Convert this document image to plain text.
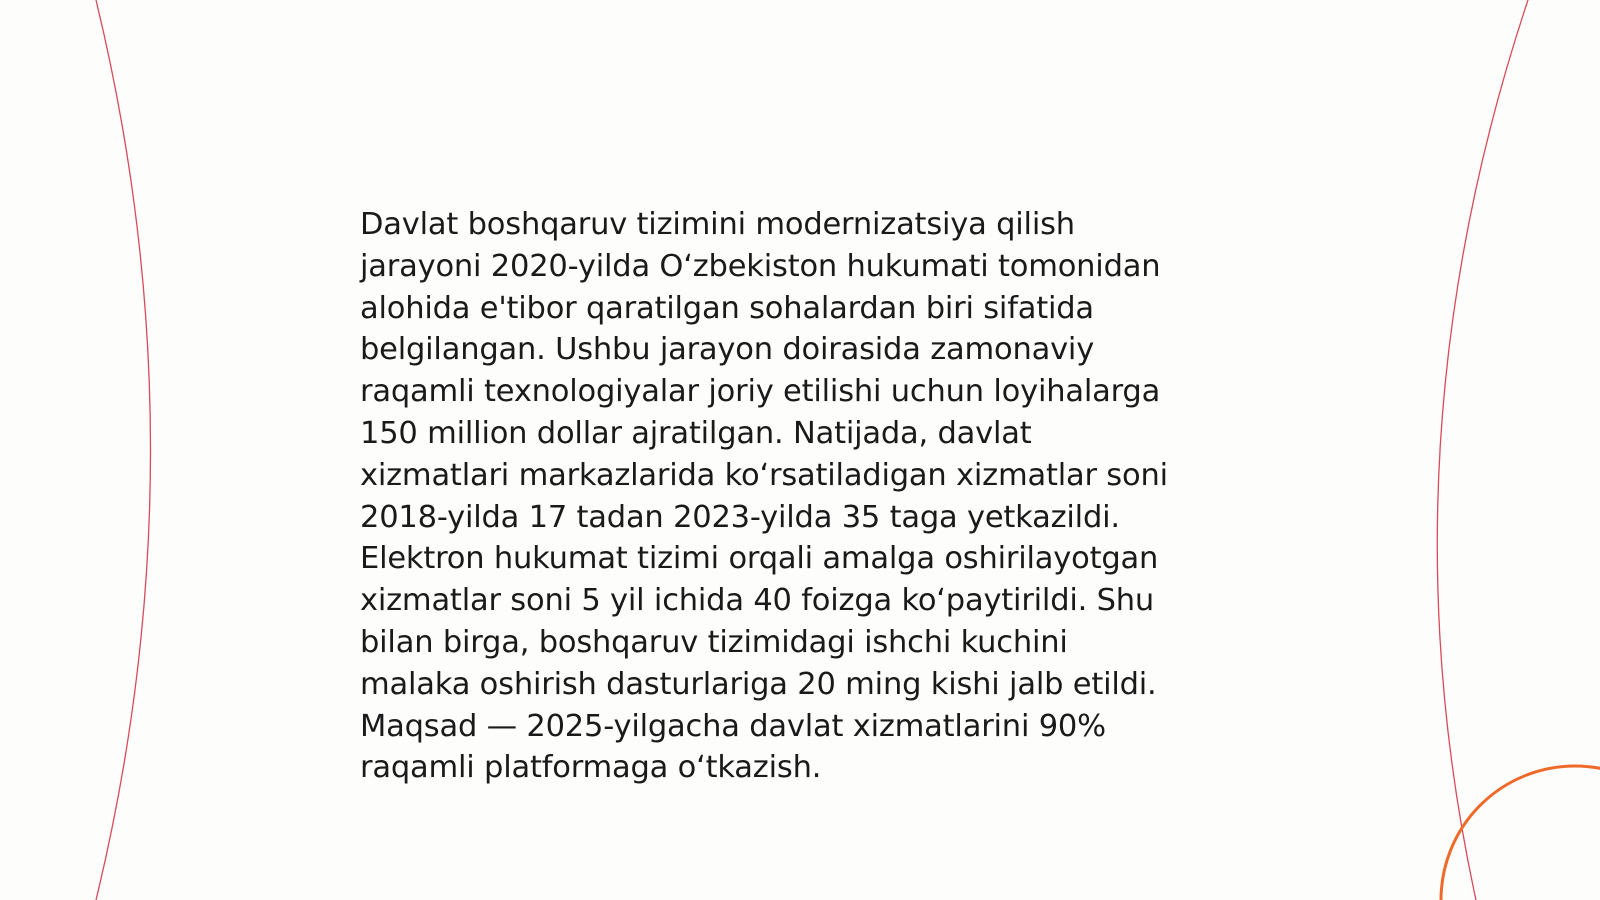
Davlat boshqaruv tizimini modernizatsiya qilish
jarayoni 2020-yilda O‘zbekiston hukumati tomonidan
alohida e'tibor qaratilgan sohalardan biri sifatida
belgilangan. Ushbu jarayon doirasida zamonaviy
raqamli texnologiyalar joriy etilishi uchun loyihalarga
150 million dollar ajratilgan. Natijada, davlat
xizmatlari markazlarida ko‘rsatiladigan xizmatlar soni
2018-yilda 17 tadan 2023-yilda 35 taga yetkazildi.
Elektron hukumat tizimi orqali amalga oshirilayotgan
xizmatlar soni 5 yil ichida 40 foizga ko‘paytirildi. Shu
bilan birga, boshqaruv tizimidagi ishchi kuchini
malaka oshirish dasturlariga 20 ming kishi jalb etildi.
Maqsad — 2025-yilgacha davlat xizmatlarini 90%
raqamli platformaga o‘tkazish.
